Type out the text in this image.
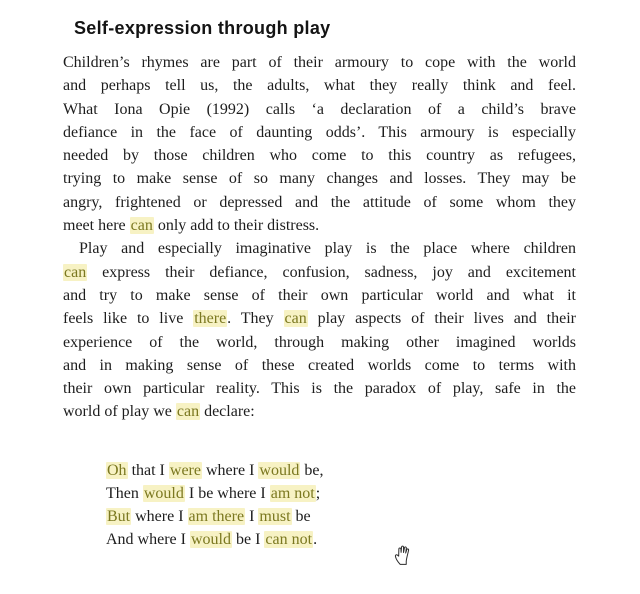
Self-expression through play
Children’s rhymes are part of their armoury to cope with the world
and perhaps tell us, the adults, what they really think and feel.
What Iona Opie (1992) calls ‘a declaration of a child’s brave
defiance in the face of daunting odds’. This armoury is especially
needed by those children who come to this country as refugees,
trying to make sense of so many changes and losses. They may be
angry, frightened or depressed and the attitude of some whom they
meet here can only add to their distress.
Play and especially imaginative play is the place where children
can express their defiance, confusion, sadness, joy and excitement
and try to make sense of their own particular world and what it
feels like to live there. They can play aspects of their lives and their
experience of the world, through making other imagined worlds
and in making sense of these created worlds come to terms with
their own particular reality. This is the paradox of play, safe in the
world of play we can declare:
Oh that I were where I would be,
Then would I be where I am not;
But where I am there I must be
And where I would be I can not.
